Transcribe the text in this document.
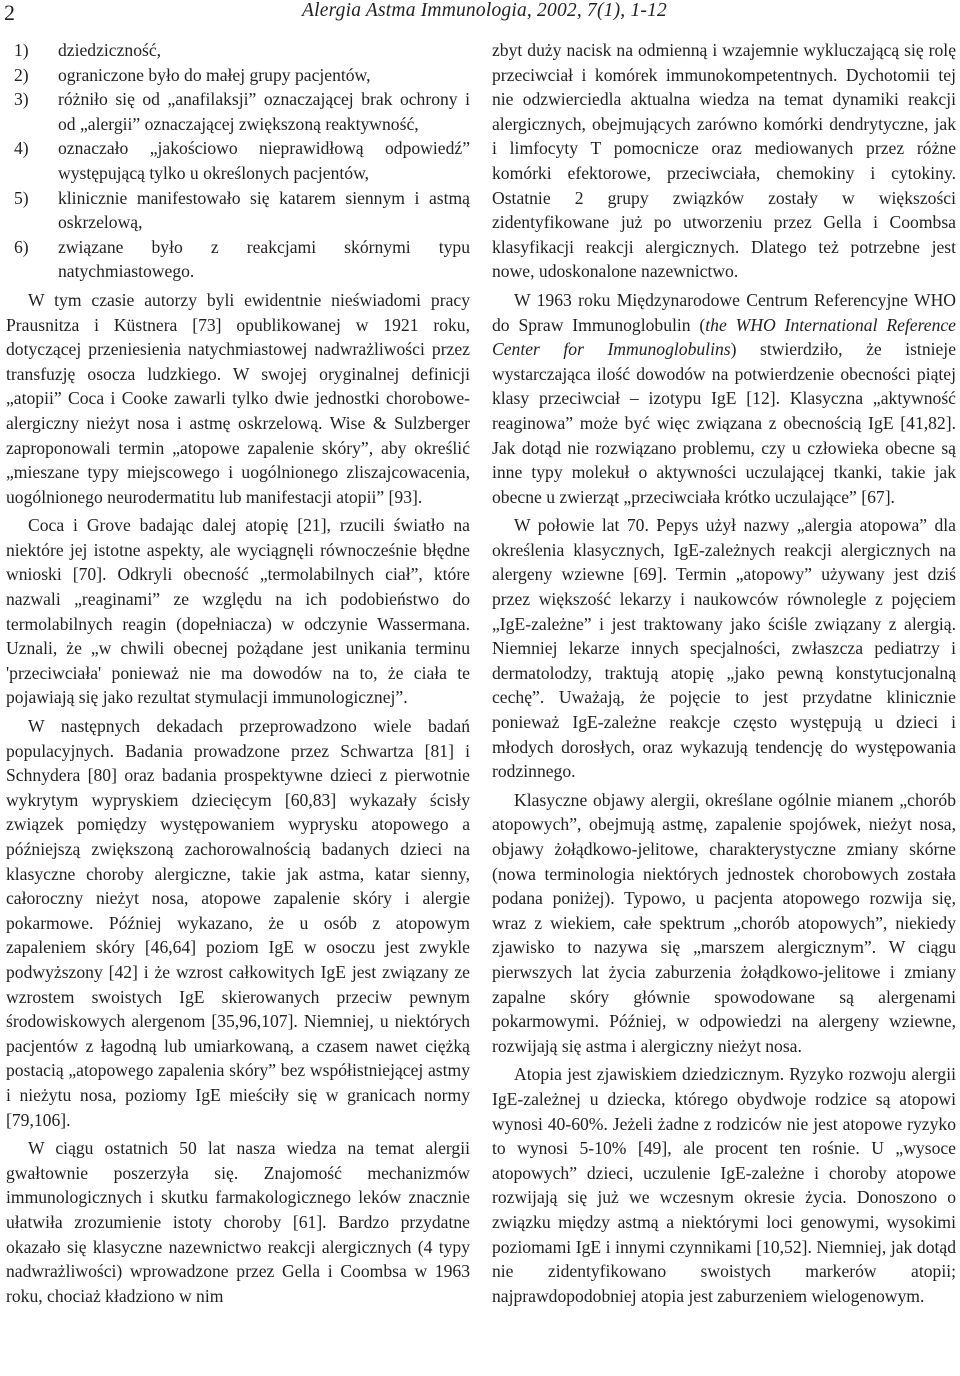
2	Alergia Astma Immunologia, 2002, 7(1), 1-12
1) dziedziczność,
2) ograniczone było do małej grupy pacjentów,
3) różniło się od „anafilaksji” oznaczającej brak ochrony i od „alergii” oznaczającej zwiększoną reaktywność,
4) oznaczało „jakościowo nieprawidłową odpowiedź” występującą tylko u określonych pacjentów,
5) klinicznie manifestowało się katarem siennym i astmą oskrzelową,
6) związane było z reakcjami skórnymi typu natychmiastowego.

W tym czasie autorzy byli ewidentnie nieświadomi pracy Prausnitza i Küstnera [73] opublikowanej w 1921 roku, dotyczącej przeniesienia natychmiastowej nadwrażliwości przez transfuzję osocza ludzkiego. W swojej oryginalnej definicji „atopii” Coca i Cooke zawarli tylko dwie jednostki chorobowe-alergiczny nieżyt nosa i astmę oskrzelową. Wise & Sulzberger zaproponowali termin „atopowe zapalenie skóry”, aby określić „mieszane typy miejscowego i uogólnionego zliszajcowacenia, uogólnionego neurodermatitu lub manifestacji atopii” [93].

Coca i Grove badając dalej atopię [21], rzucili światło na niektóre jej istotne aspekty, ale wyciągnęli równocześnie błędne wnioski [70]. Odkryli obecność „termolabilnych ciał”, które nazwali „reaginami” ze względu na ich podobieństwo do termolabilnych reagin (dopełniacza) w odczynie Wassermana. Uznali, że „w chwili obecnej pożądane jest unikania terminu 'przeciwciała' ponieważ nie ma dowodów na to, że ciała te pojawiają się jako rezultat stymulacji immunologicznej”.

W następnych dekadach przeprowadzono wiele badań populacyjnych. Badania prowadzone przez Schwartza [81] i Schnydera [80] oraz badania prospektywne dzieci z pierwotnie wykrytym wypryskiem dziecięcym [60,83] wykazały ścisły związek pomiędzy występowaniem wyprysku atopowego a późniejszą zwiększoną zachorowalnością badanych dzieci na klasyczne choroby alergiczne, takie jak astma, katar sienny, całoroczny nieżyt nosa, atopowe zapalenie skóry i alergie pokarmowe. Później wykazano, że u osób z atopowym zapaleniem skóry [46,64] poziom IgE w osoczu jest zwykle podwyższony [42] i że wzrost całkowitych IgE jest związany ze wzrostem swoistych IgE skierowanych przeciw pewnym środowiskowych alergenom [35,96,107]. Niemniej, u niektórych pacjentów z łagodną lub umiarkowaną, a czasem nawet ciężką postacią „atopowego zapalenia skóry” bez współistniejącej astmy i nieżytu nosa, poziomy IgE mieściły się w granicach normy [79,106].

W ciągu ostatnich 50 lat nasza wiedza na temat alergii gwałtownie poszerzyła się. Znajomość mechanizmów immunologicznych i skutku farmakologicznego leków znacznie ułatwiła zrozumienie istoty choroby [61]. Bardzo przydatne okazało się klasyczne nazewnictwo reakcji alergicznych (4 typy nadwrażliwości) wprowadzone przez Gella i Coombsa w 1963 roku, chociaż kładziono w nim

zbyt duży nacisk na odmienną i wzajemnie wykluczającą się rolę przeciwciał i komórek immunokompetentnych. Dychotomii tej nie odzwierciedla aktualna wiedza na temat dynamiki reakcji alergicznych, obejmujących zarówno komórki dendrytyczne, jak i limfocyty T pomocnicze oraz mediowanych przez różne komórki efektorowe, przeciwciała, chemokiny i cytokiny. Ostatnie 2 grupy związków zostały w większości zidentyfikowane już po utworzeniu przez Gella i Coombsa klasyfikacji reakcji alergicznych. Dlatego też potrzebne jest nowe, udoskonalone nazewnictwo.

W 1963 roku Międzynarodowe Centrum Referencyjne WHO do Spraw Immunoglobulin (the WHO International Reference Center for Immunoglobulins) stwierdziło, że istnieje wystarczająca ilość dowodów na potwierdzenie obecności piątej klasy przeciwciał – izotypu IgE [12]. Klasyczna „aktywność reaginowa” może być więc związana z obecnością IgE [41,82]. Jak dotąd nie rozwiązano problemu, czy u człowieka obecne są inne typy molekuł o aktywności uczulającej tkanki, takie jak obecne u zwierząt „przeciwciała krótko uczulające” [67].

W połowie lat 70. Pepys użył nazwy „alergia atopowa” dla określenia klasycznych, IgE-zależnych reakcji alergicznych na alergeny wziewne [69]. Termin „atopowy” używany jest dziś przez większość lekarzy i naukowców równolegle z pojęciem „IgE-zależne” i jest traktowany jako ściśle związany z alergią. Niemniej lekarze innych specjalności, zwłaszcza pediatrzy i dermatolodzy, traktują atopię „jako pewną konstytucjonalną cechę”. Uważają, że pojęcie to jest przydatne klinicznie ponieważ IgE-zależne reakcje często występują u dzieci i młodych dorosłych, oraz wykazują tendencję do występowania rodzinnego.

Klasyczne objawy alergii, określane ogólnie mianem „chorób atopowych”, obejmują astmę, zapalenie spojówek, nieżyt nosa, objawy żołądkowo-jelitowe, charakterystyczne zmiany skórne (nowa terminologia niektórych jednostek chorobowych została podana poniżej). Typowo, u pacjenta atopowego rozwija się, wraz z wiekiem, całe spektrum „chorób atopowych”, niekiedy zjawisko to nazywa się „marszem alergicznym”. W ciągu pierwszych lat życia zaburzenia żołądkowo-jelitowe i zmiany zapalne skóry głównie spowodowane są alergenami pokarmowymi. Później, w odpowiedzi na alergeny wziewne, rozwijają się astma i alergiczny nieżyt nosa.

Atopia jest zjawiskiem dziedzicznym. Ryzyko rozwoju alergii IgE-zależnej u dziecka, którego obydwoje rodzice są atopowi wynosi 40-60%. Jeżeli żadne z rodziców nie jest atopowe ryzyko to wynosi 5-10% [49], ale procent ten rośnie. U „wysoce atopowych” dzieci, uczulenie IgE-zależne i choroby atopowe rozwijają się już we wczesnym okresie życia. Donoszono o związku między astmą a niektórymi loci genowymi, wysokimi poziomami IgE i innymi czynnikami [10,52]. Niemniej, jak dotąd nie zidentyfikowano swoistych markerów atopii; najprawdopodobniej atopia jest zaburzeniem wielogenowym.
